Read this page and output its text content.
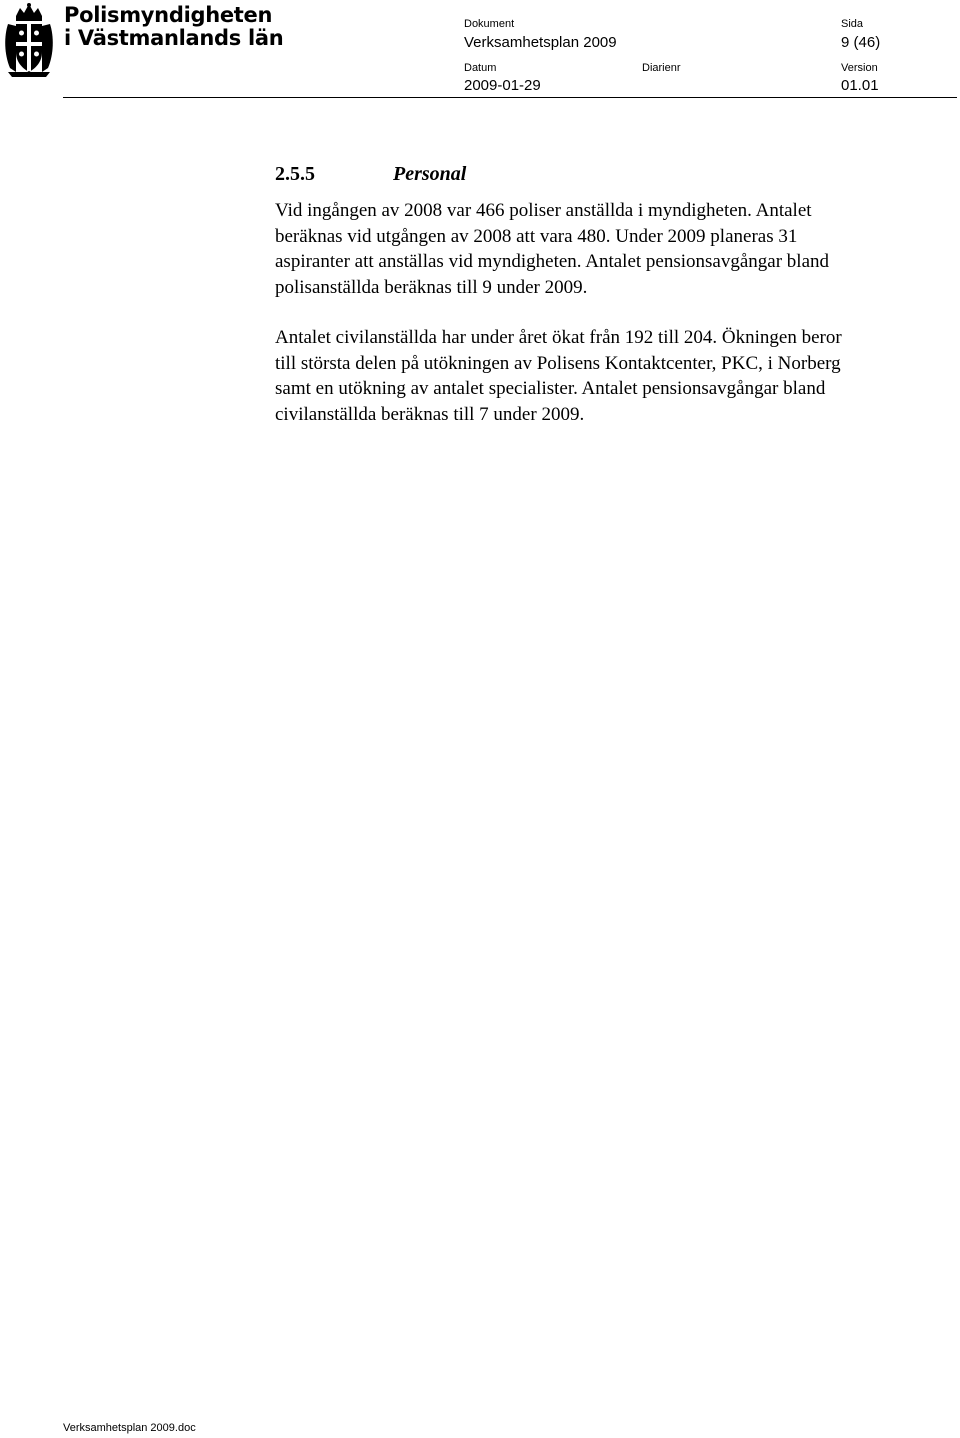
Polismyndigheten
i Västmanlands län
Dokument
Verksamhetsplan 2009
Sida
9 (46)
Datum
2009-01-29
Diarienr	Version
01.01
2.5.5	Personal
Vid ingången av 2008 var 466 poliser anställda i myndigheten. Antalet
beräknas vid utgången av 2008 att vara 480. Under 2009 planeras 31
aspiranter att anställas vid myndigheten. Antalet pensionsavgångar bland
polisanställda beräknas till 9 under 2009.
Antalet civilanställda har under året ökat från 192 till 204. Ökningen beror
till största delen på utökningen av Polisens Kontaktcenter, PKC, i Norberg
samt en utökning av antalet specialister. Antalet pensionsavgångar bland
civilanställda beräknas till 7 under 2009.
Verksamhetsplan 2009.doc
